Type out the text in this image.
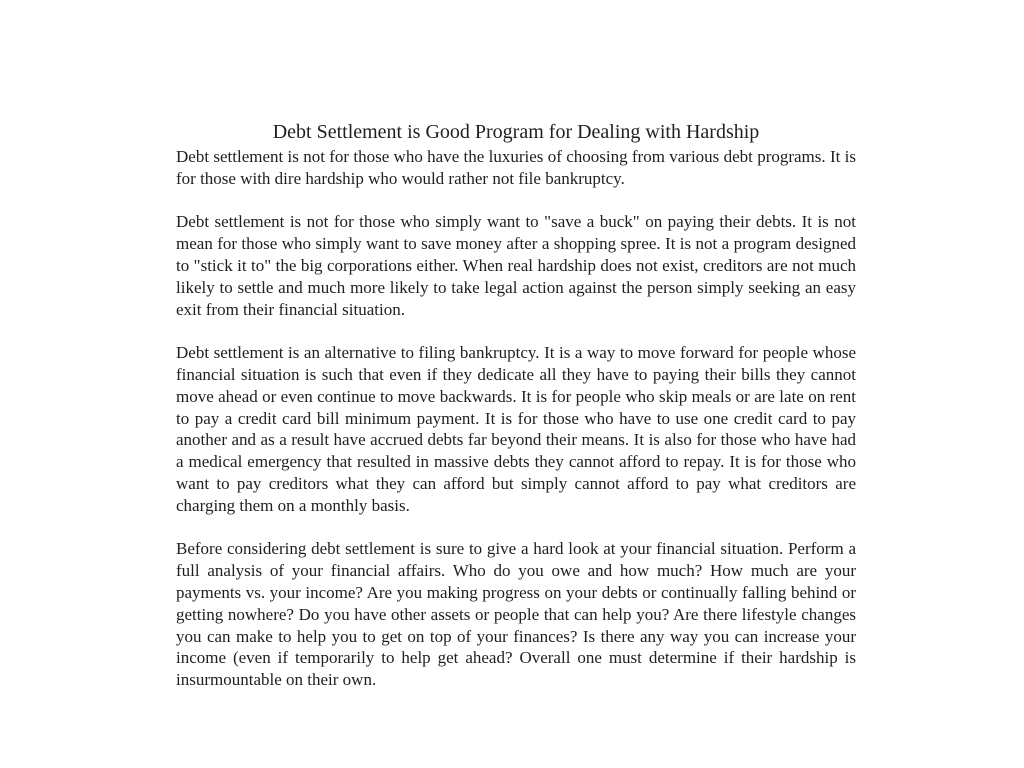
Debt Settlement is Good Program for Dealing with Hardship

Debt settlement is not for those who have the luxuries of choosing from various debt programs. It is for those with dire hardship who would rather not file bankruptcy.

Debt settlement is not for those who simply want to "save a buck" on paying their debts. It is not mean for those who simply want to save money after a shopping spree. It is not a program designed to "stick it to" the big corporations either. When real hardship does not exist, creditors are not much likely to settle and much more likely to take legal action against the person simply seeking an easy exit from their financial situation.

Debt settlement is an alternative to filing bankruptcy. It is a way to move forward for people whose financial situation is such that even if they dedicate all they have to paying their bills they cannot move ahead or even continue to move backwards. It is for people who skip meals or are late on rent to pay a credit card bill minimum payment. It is for those who have to use one credit card to pay another and as a result have accrued debts far beyond their means. It is also for those who have had a medical emergency that resulted in massive debts they cannot afford to repay. It is for those who want to pay creditors what they can afford but simply cannot afford to pay what creditors are charging them on a monthly basis.

Before considering debt settlement is sure to give a hard look at your financial situation. Perform a full analysis of your financial affairs. Who do you owe and how much? How much are your payments vs. your income? Are you making progress on your debts or continually falling behind or getting nowhere? Do you have other assets or people that can help you? Are there lifestyle changes you can make to help you to get on top of your finances? Is there any way you can increase your income (even if temporarily to help get ahead? Overall one must determine if their hardship is insurmountable on their own.
